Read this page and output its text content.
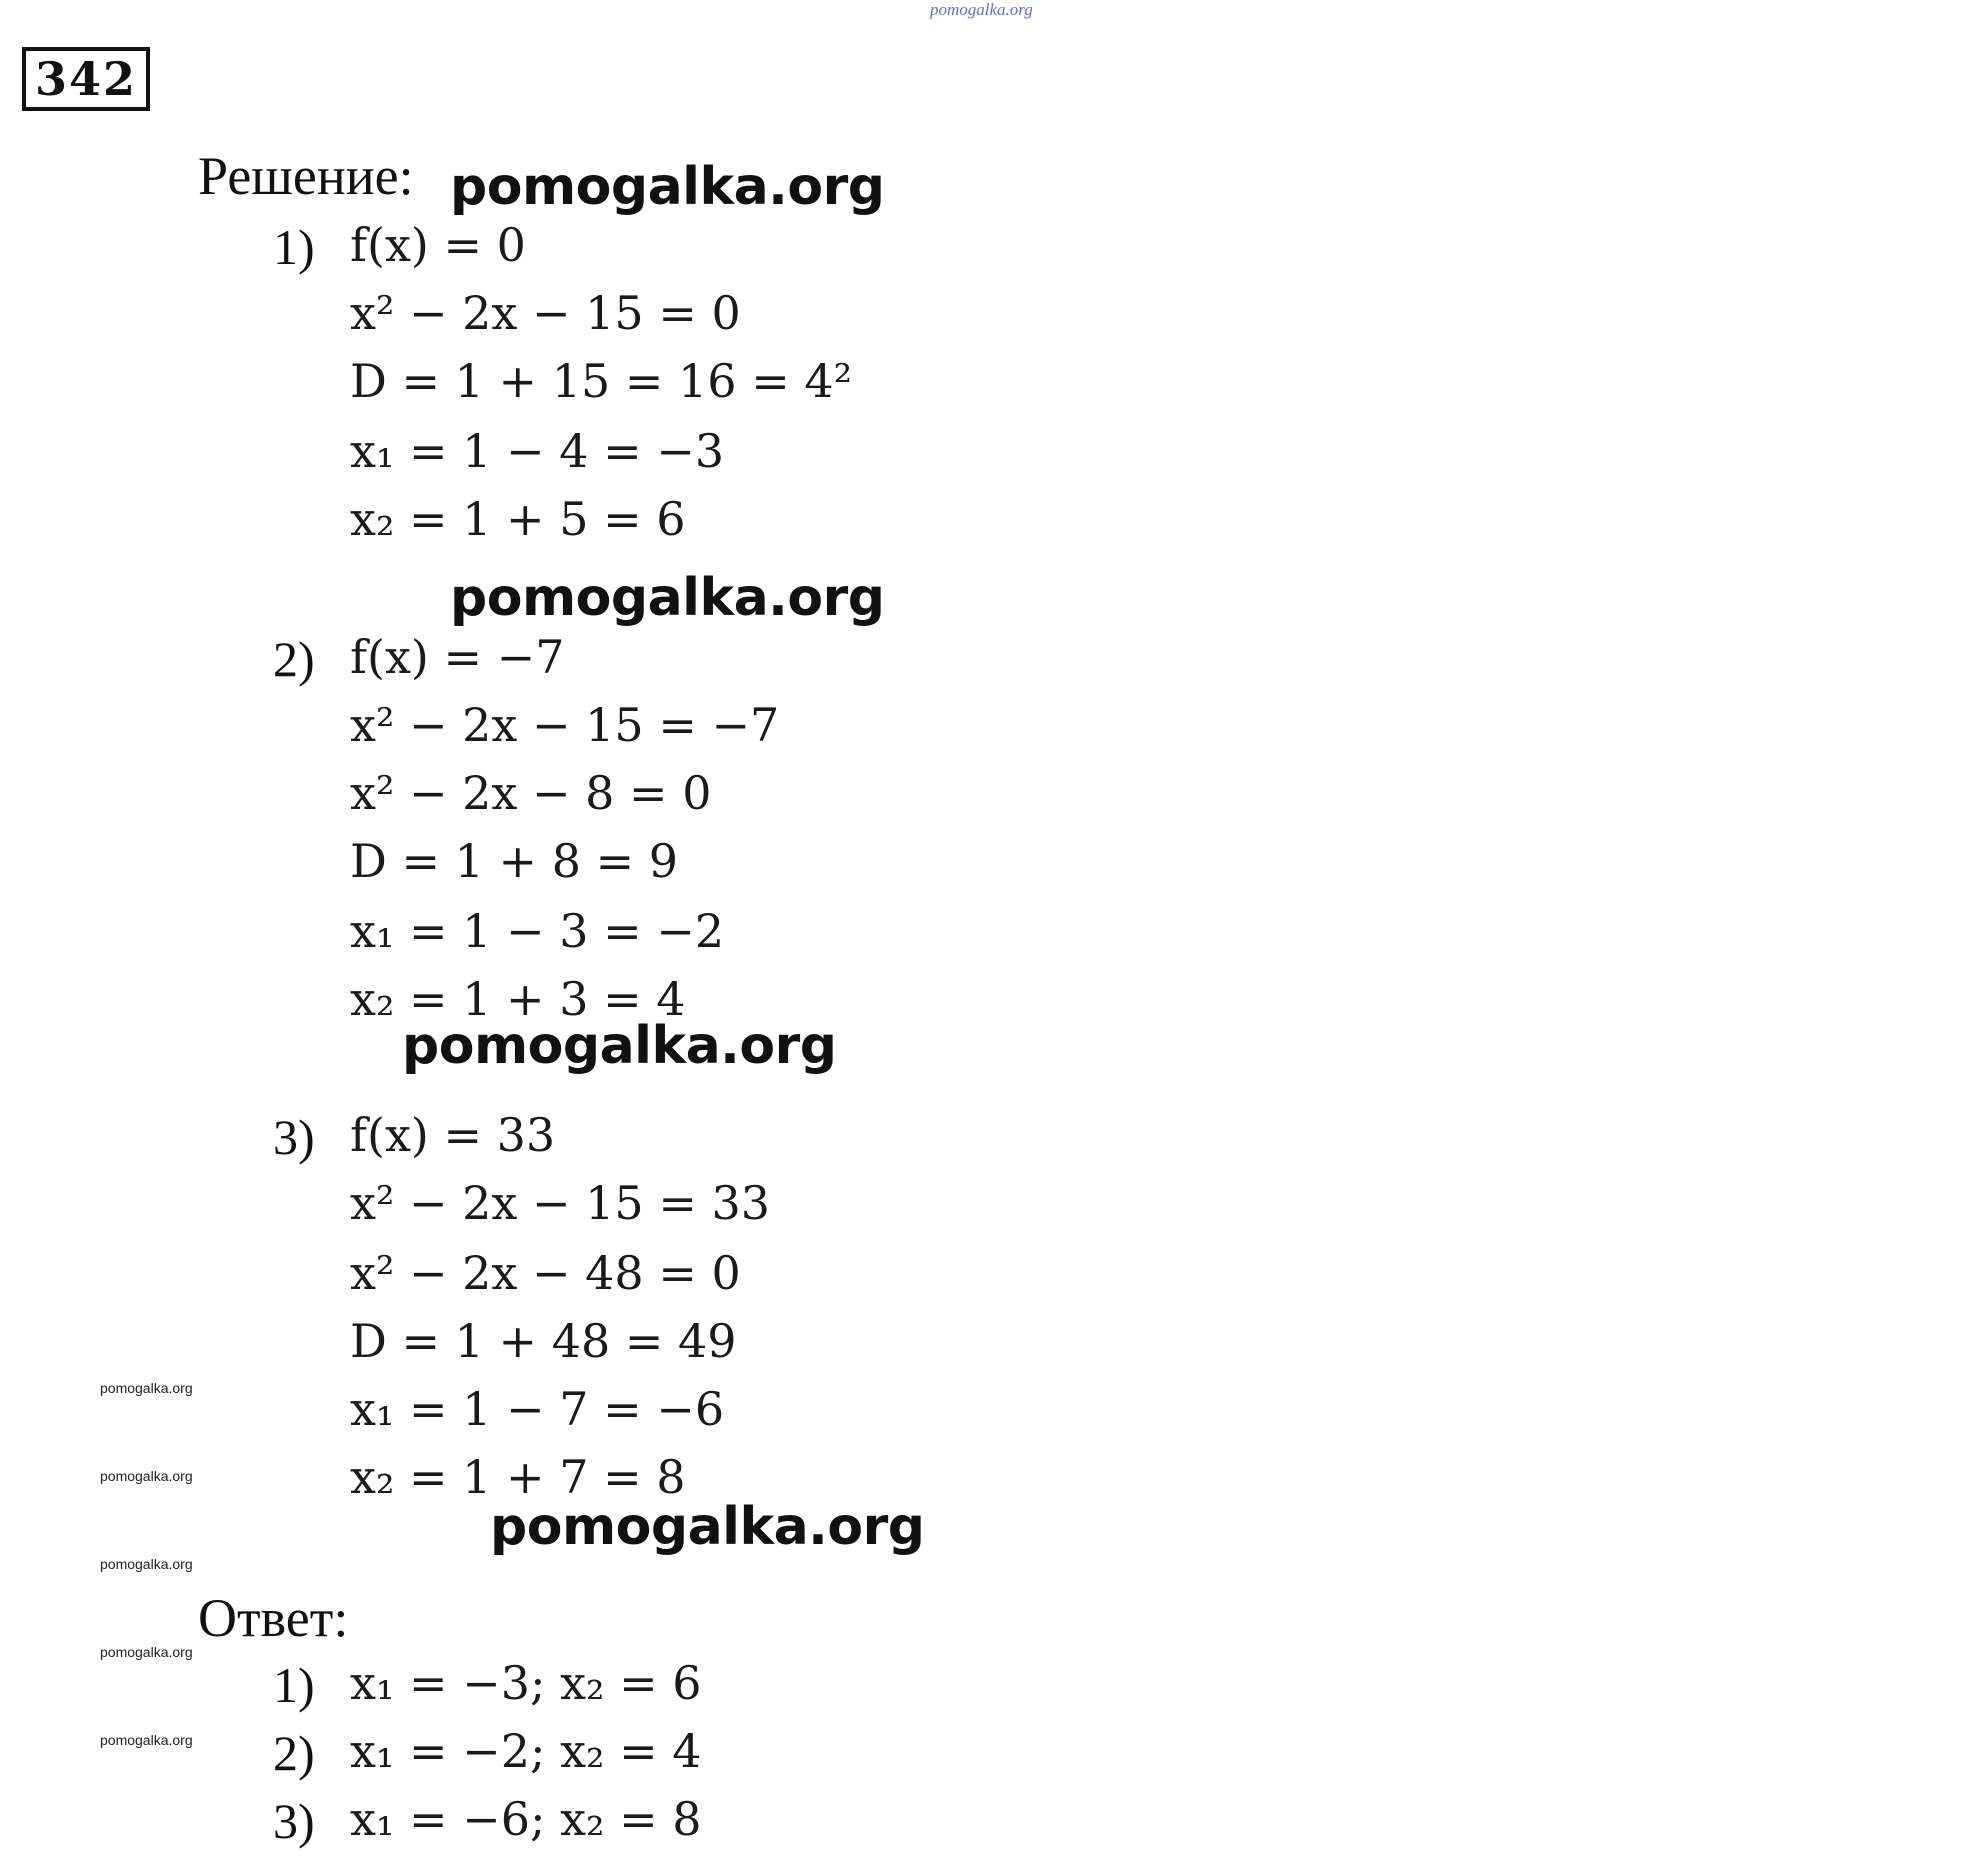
pomogalka.org
342
Решение: pomogalka.org
pomogalka.org
pomogalka.org
pomogalka.org
pomogalka.org
pomogalka.org
pomogalka.org
pomogalka.org
pomogalka.org
1) f(x) = 0
x² − 2x − 15 = 0
D = 1 + 15 = 16 = 4²
x₁ = 1 − 4 = −3
x₂ = 1 + 5 = 6
2) f(x) = −7
x² − 2x − 15 = −7
x² − 2x − 8 = 0
D = 1 + 8 = 9
x₁ = 1 − 3 = −2
x₂ = 1 + 3 = 4
3) f(x) = 33
x² − 2x − 15 = 33
x² − 2x − 48 = 0
D = 1 + 48 = 49
x₁ = 1 − 7 = −6
x₂ = 1 + 7 = 8
Ответ:
1) x₁ = −3; x₂ = 6
2) x₁ = −2; x₂ = 4
3) x₁ = −6; x₂ = 8
